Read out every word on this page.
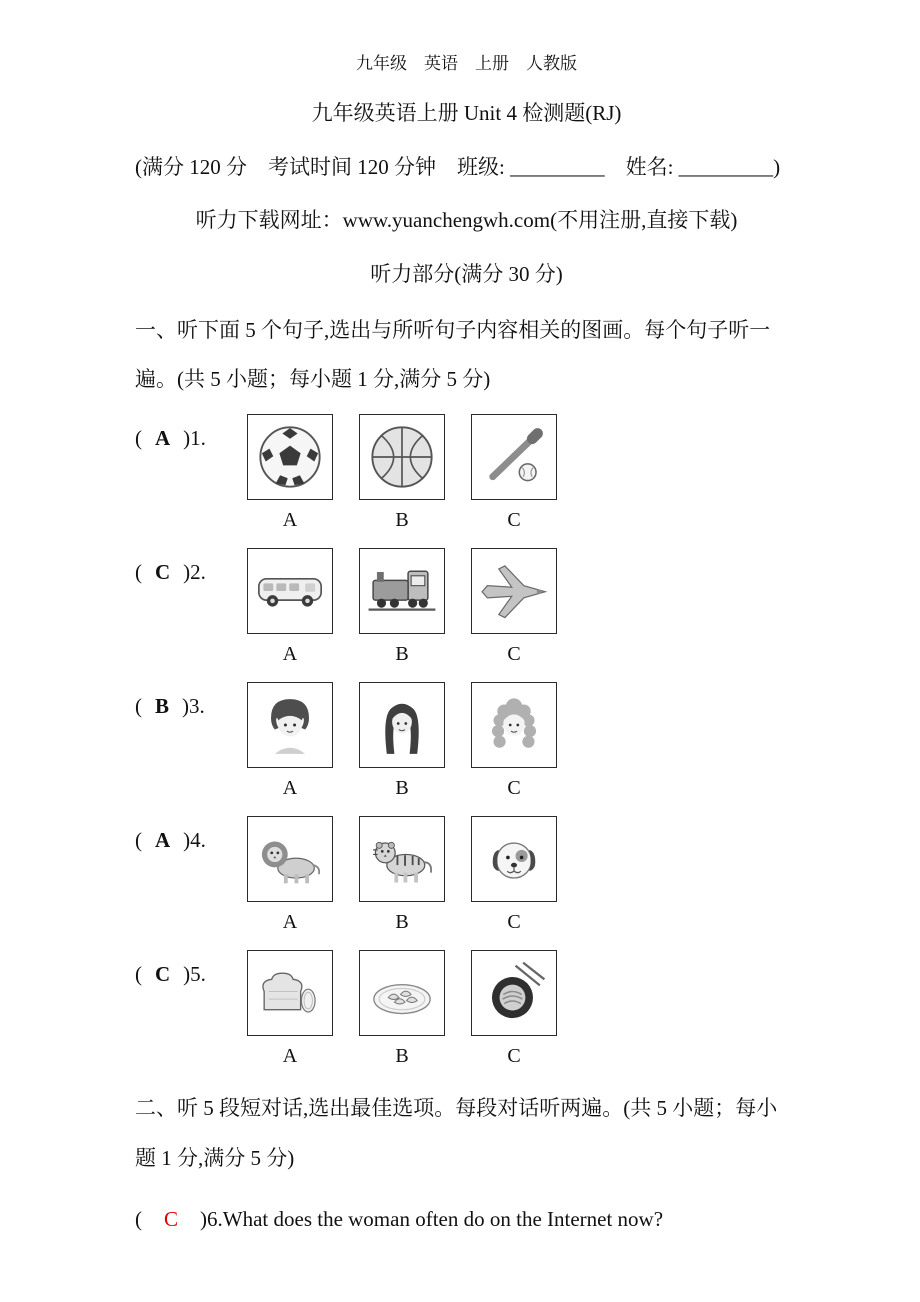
九年级　英语　上册　人教版
九年级英语上册 Unit 4 检测题(RJ)
(满分 120 分　考试时间 120 分钟　班级: _________　姓名: _________)
听力下载网址：www.yuanchengwh.com(不用注册,直接下载)
听力部分(满分 30 分)

一、听下面 5 个句子,选出与所听句子内容相关的图画。每个句子听一遍。(共 5 小题；每小题 1 分,满分 5 分)

( A )1.
A	B	C
( C )2.
A	B	C
( B )3.
A	B	C
( A )4.
A	B	C
( C )5.
A	B	C

二、听 5 段短对话,选出最佳选项。每段对话听两遍。(共 5 小题；每小题 1 分,满分 5 分)

( C )6.What does the woman often do on the Internet now?
